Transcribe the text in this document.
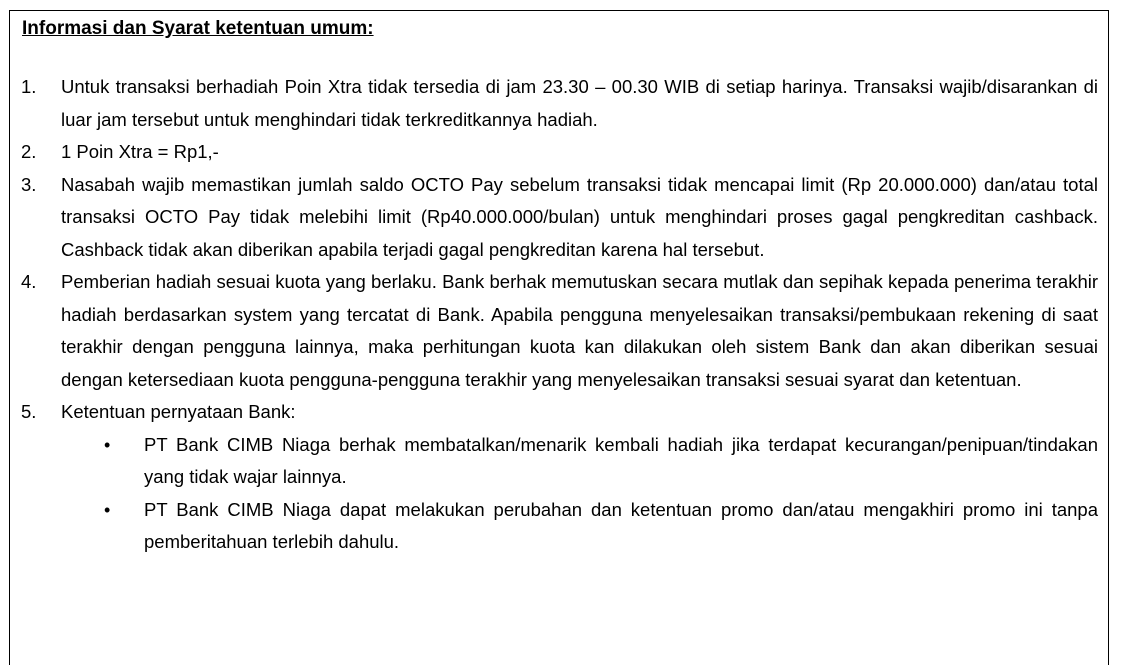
Informasi dan Syarat ketentuan umum:
1. Untuk transaksi berhadiah Poin Xtra tidak tersedia di jam 23.30 – 00.30 WIB di setiap harinya. Transaksi wajib/disarankan di luar jam tersebut untuk menghindari tidak terkreditkannya hadiah.
2. 1 Poin Xtra = Rp1,-
3. Nasabah wajib memastikan jumlah saldo OCTO Pay sebelum transaksi tidak mencapai limit (Rp 20.000.000) dan/atau total transaksi OCTO Pay tidak melebihi limit (Rp40.000.000/bulan) untuk menghindari proses gagal pengkreditan cashback. Cashback tidak akan diberikan apabila terjadi gagal pengkreditan karena hal tersebut.
4. Pemberian hadiah sesuai kuota yang berlaku. Bank berhak memutuskan secara mutlak dan sepihak kepada penerima terakhir hadiah berdasarkan system yang tercatat di Bank. Apabila pengguna menyelesaikan transaksi/pembukaan rekening di saat terakhir dengan pengguna lainnya, maka perhitungan kuota kan dilakukan oleh sistem Bank dan akan diberikan sesuai dengan ketersediaan kuota pengguna-pengguna terakhir yang menyelesaikan transaksi sesuai syarat dan ketentuan.
5. Ketentuan pernyataan Bank:
• PT Bank CIMB Niaga berhak membatalkan/menarik kembali hadiah jika terdapat kecurangan/penipuan/tindakan yang tidak wajar lainnya.
• PT Bank CIMB Niaga dapat melakukan perubahan dan ketentuan promo dan/atau mengakhiri promo ini tanpa pemberitahuan terlebih dahulu.
